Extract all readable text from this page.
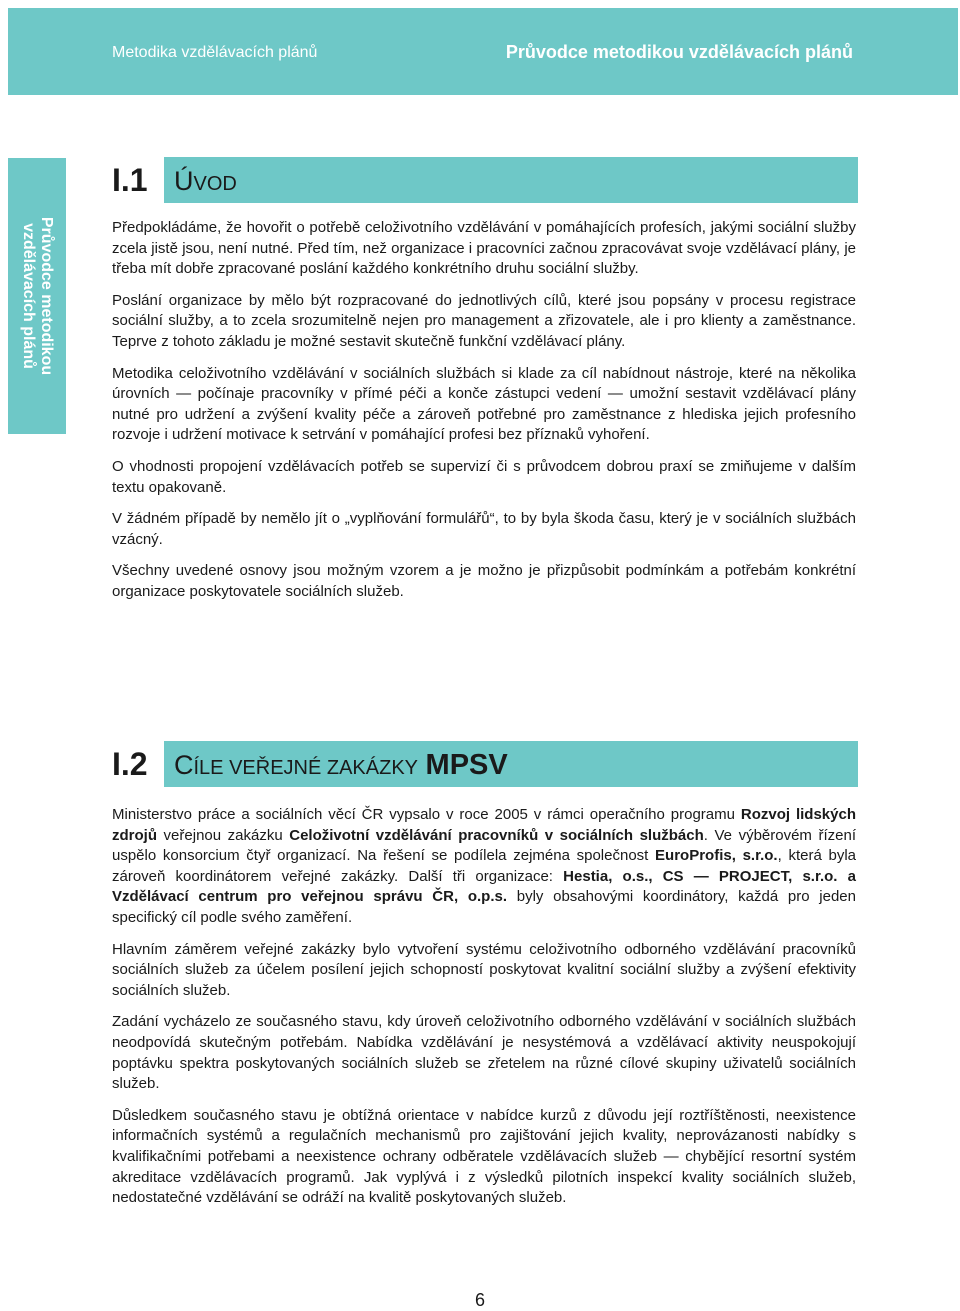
Metodika vzdělávacích plánů	Průvodce metodikou vzdělávacích plánů
Průvodce metodikou
vzdělávacích plánů
I.1 ÚVOD

Předpokládáme, že hovořit o potřebě celoživotního vzdělávání v pomáhajících profesích, jakými sociální služby zcela jistě jsou, není nutné. Před tím, než organizace i pracovníci začnou zpracovávat svoje vzdělávací plány, je třeba mít dobře zpracované poslání každého konkrétního druhu sociální služby.

Poslání organizace by mělo být rozpracované do jednotlivých cílů, které jsou popsány v procesu registrace sociální služby, a to zcela srozumitelně nejen pro management a zřizovatele, ale i pro klienty a zaměstnance. Teprve z tohoto základu je možné sestavit skutečně funkční vzdělávací plány.

Metodika celoživotního vzdělávání v sociálních službách si klade za cíl nabídnout nástroje, které na několika úrovních — počínaje pracovníky v přímé péči a konče zástupci vedení — umožní sestavit vzdělávací plány nutné pro udržení a zvýšení kvality péče a zároveň potřebné pro zaměstnance z hlediska jejich profesního rozvoje i udržení motivace k setrvání v pomáhající profesi bez příznaků vyhoření.

O vhodnosti propojení vzdělávacích potřeb se supervizí či s průvodcem dobrou praxí se zmiňujeme v dalším textu opakovaně.

V žádném případě by nemělo jít o „vyplňování formulářů“, to by byla škoda času, který je v sociálních službách vzácný.

Všechny uvedené osnovy jsou možným vzorem a je možno je přizpůsobit podmínkám a potřebám konkrétní organizace poskytovatele sociálních služeb.

I.2 CÍLE VEŘEJNÉ ZAKÁZKY MPSV

Ministerstvo práce a sociálních věcí ČR vypsalo v roce 2005 v rámci operačního programu Rozvoj lidských zdrojů veřejnou zakázku Celoživotní vzdělávání pracovníků v sociálních službách. Ve výběrovém řízení uspělo konsorcium čtyř organizací. Na řešení se podílela zejména společnost EuroProfis, s.r.o., která byla zároveň koordinátorem veřejné zakázky. Další tři organizace: Hestia, o.s., CS — PROJECT, s.r.o. a Vzdělávací centrum pro veřejnou správu ČR, o.p.s. byly obsahovými koordinátory, každá pro jeden specifický cíl podle svého zaměření.

Hlavním záměrem veřejné zakázky bylo vytvoření systému celoživotního odborného vzdělávání pracovníků sociálních služeb za účelem posílení jejich schopností poskytovat kvalitní sociální služby a zvýšení efektivity sociálních služeb.

Zadání vycházelo ze současného stavu, kdy úroveň celoživotního odborného vzdělávání v sociálních službách neodpovídá skutečným potřebám. Nabídka vzdělávání je nesystémová a vzdělávací aktivity neuspokojují poptávku spektra poskytovaných sociálních služeb se zřetelem na různé cílové skupiny uživatelů sociálních služeb.

Důsledkem současného stavu je obtížná orientace v nabídce kurzů z důvodu její roztříštěnosti, neexistence informačních systémů a regulačních mechanismů pro zajištování jejich kvality, neprovázanosti nabídky s kvalifikačními potřebami a neexistence ochrany odběratele vzdělávacích služeb — chybějící resortní systém akreditace vzdělávacích programů. Jak vyplývá i z výsledků pilotních inspekcí kvality sociálních služeb, nedostatečné vzdělávání se odráží na kvalitě poskytovaných služeb.

6
